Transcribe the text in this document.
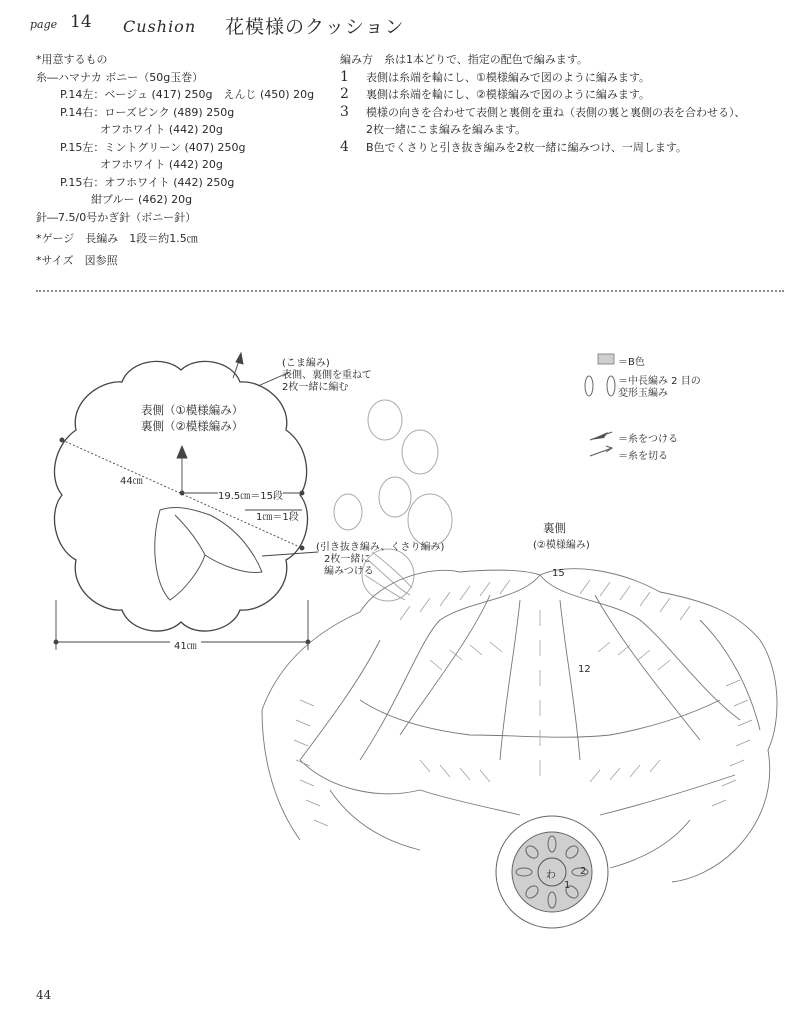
page 14 Cushion 花模様のクッション
*用意するもの
糸―ハマナカ ボニー（50g玉巻）
P.14左：ベージュ (417) 250g　えんじ (450) 20g
P.14右：ローズピンク (489) 250g
オフホワイト (442) 20g
P.15左：ミントグリーン (407) 250g
オフホワイト (442) 20g
P.15右：オフホワイト (442) 250g
紺ブルー (462) 20g
針―7.5/0号かぎ針（ボニー針）
*ゲージ　長編み　1段＝約1.5㎝
*サイズ　図参照
編み方　糸は1本どりで、指定の配色で編みます。
1 表側は糸端を輪にし、①模様編みで図のように編みます。
2 裏側は糸端を輪にし、②模様編みで図のように編みます。
3 模様の向きを合わせて表側と裏側を重ね（表側の裏と裏側の表を合わせる）、
2枚一緒にこま編みを編みます。
4 B色でくさりと引き抜き編みを2枚一緒に編みつけ、一周します。
表側（①模様編み）
裏側（②模様編み）
(こま編み)
表側、裏側を重ねて
2枚一緒に編む
44㎝
19.5㎝＝15段
1㎝＝1段
(引き抜き編み、くさり編み)
2枚一緒に
編みつける
41㎝
＝B色
＝中長編み 2 目の
変形玉編み
＝糸をつける
＝糸を切る
裏側
(②模様編み)
15
12
わ
1
2
44
